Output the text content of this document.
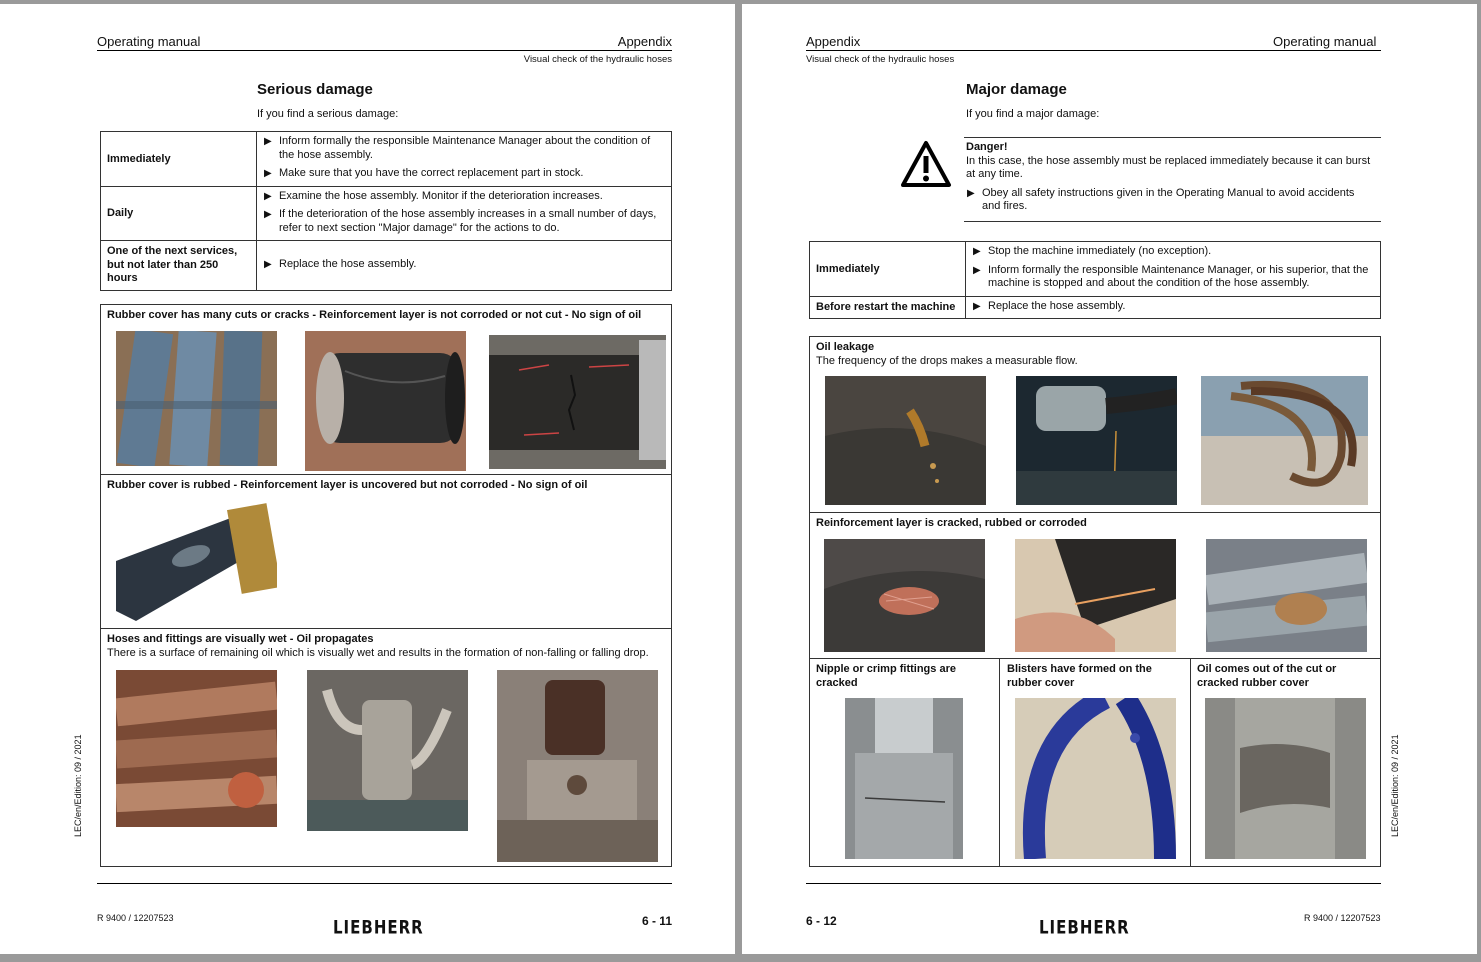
Operating manual	Appendix
Visual check of the hydraulic hoses
Serious damage
If you find a serious damage:
Immediately	▶ Inform formally the responsible Maintenance Manager about the condition of the hose assembly.
▶ Make sure that you have the correct replacement part in stock.

Daily	▶ Examine the hose assembly. Monitor if the deterioration increases.
▶ If the deterioration of the hose assembly increases in a small number of days, refer to next section "Major damage" for the actions to do.

One of the next services, but not later than 250 hours	▶ Replace the hose assembly.
Rubber cover has many cuts or cracks - Reinforcement layer is not corroded or not cut - No sign of oil
Rubber cover is rubbed - Reinforcement layer is uncovered but not corroded - No sign of oil
Hoses and fittings are visually wet - Oil propagates
There is a surface of remaining oil which is visually wet and results in the formation of non-falling or falling drop.
R 9400 / 12207523	LIEBHERR	6 - 11
LEC/en/Edition: 09 / 2021
Appendix	Operating manual
Visual check of the hydraulic hoses
Major damage
If you find a major damage:
Danger!
In this case, the hose assembly must be replaced immediately because it can burst at any time.
▶ Obey all safety instructions given in the Operating Manual to avoid accidents and fires.
Immediately	▶ Stop the machine immediately (no exception).
▶ Inform formally the responsible Maintenance Manager, or his superior, that the machine is stopped and about the condition of the hose assembly.

Before restart the machine	▶ Replace the hose assembly.
Oil leakage
The frequency of the drops makes a measurable flow.
Reinforcement layer is cracked, rubbed or corroded
Nipple or crimp fittings are cracked
Blisters have formed on the rubber cover
Oil comes out of the cut or cracked rubber cover
6 - 12	LIEBHERR	R 9400 / 12207523
LEC/en/Edition: 09 / 2021
